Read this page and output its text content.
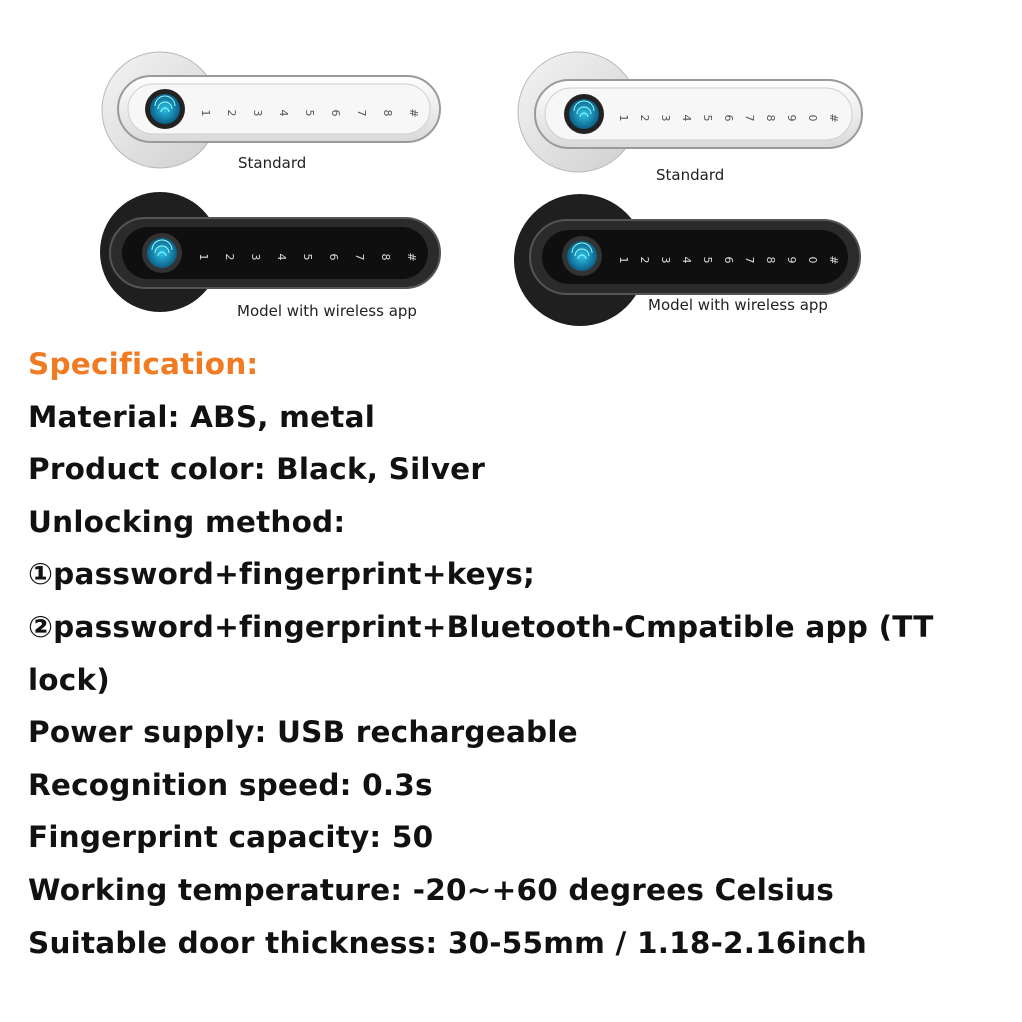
1 2 3 4 5 6 7 8 #
Standard
1 2 3 4 5 6 7 8 #
Model with wireless app
1 2 3 4 5 6 7 8 9 0 #
Standard
1 2 3 4 5 6 7 8 9 0 #
Model with wireless app

Specification:

Material: ABS, metal

Product color: Black, Silver

Unlocking method:

①password+fingerprint+keys;

②password+fingerprint+Bluetooth-Cmpatible app (TT

lock)

Power supply: USB rechargeable

Recognition speed: 0.3s

Fingerprint capacity: 50

Working temperature: -20~+60 degrees Celsius

Suitable door thickness: 30-55mm / 1.18-2.16inch
